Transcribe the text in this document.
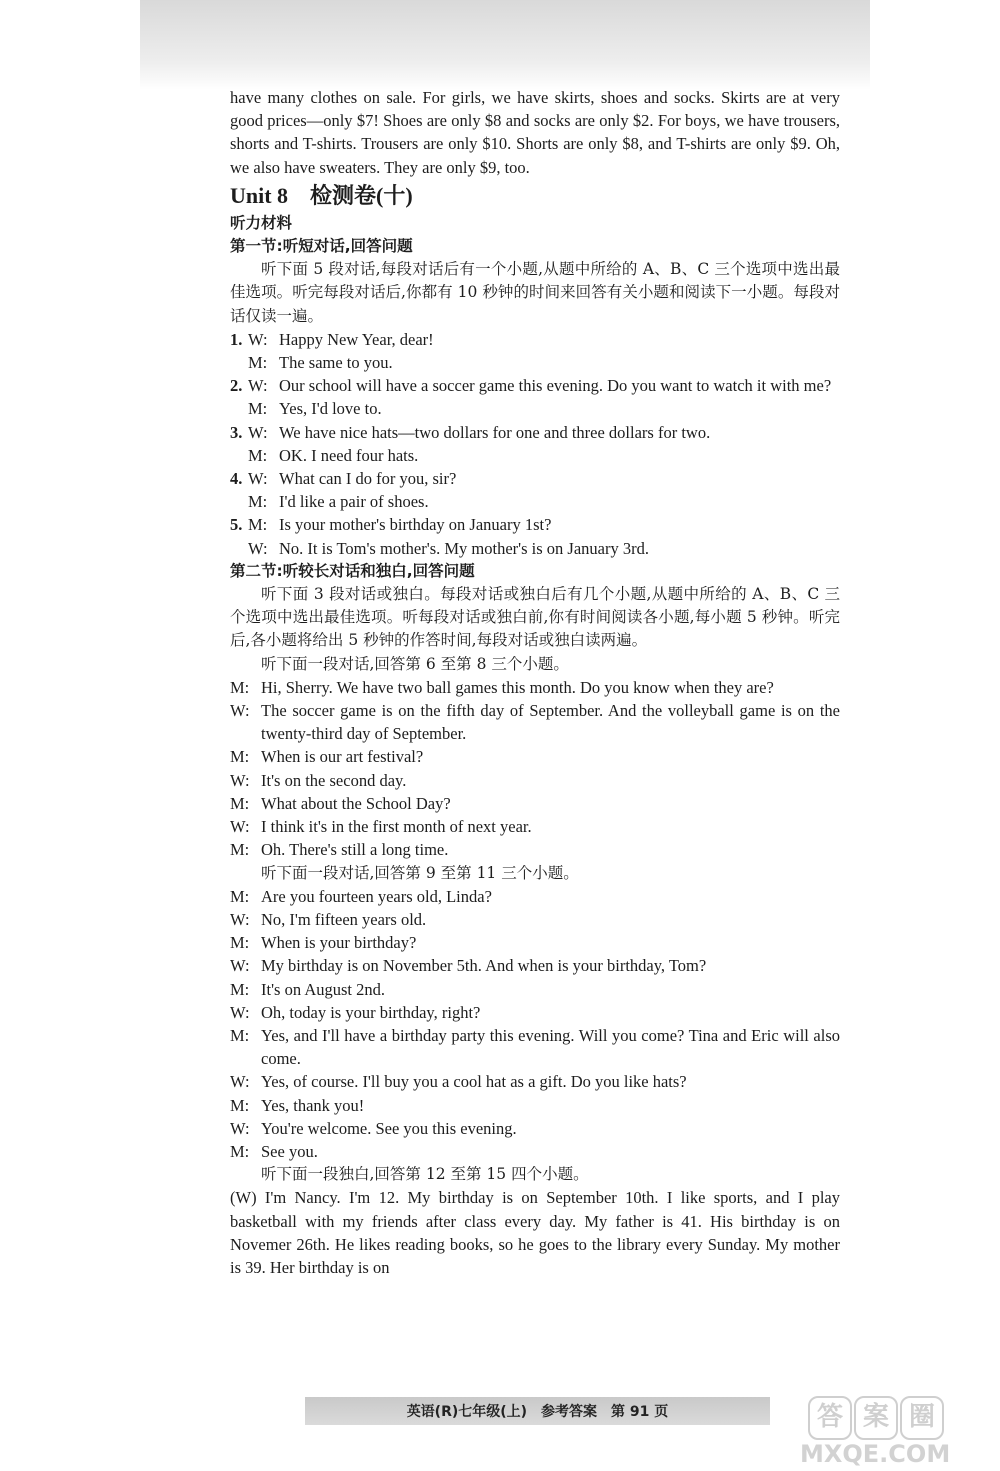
have many clothes on sale. For girls, we have skirts, shoes and socks. Skirts are at very good prices—only $7! Shoes are only $8 and socks are only $2. For boys, we have trousers, shorts and T-shirts. Trousers are only $10. Shorts are only $8, and T-shirts are only $9. Oh, we also have sweaters. They are only $9, too.

Unit 8　检测卷(十)
听力材料
第一节:听短对话,回答问题

听下面 5 段对话,每段对话后有一个小题,从题中所给的 A、B、C 三个选项中选出最佳选项。听完每段对话后,你都有 10 秒钟的时间来回答有关小题和阅读下一小题。每段对话仅读一遍。

1. W: Happy New Year, dear!
M: The same to you.
2. W: Our school will have a soccer game this evening. Do you want to watch it with me?
M: Yes, I'd love to.
3. W: We have nice hats—two dollars for one and three dollars for two.
M: OK. I need four hats.
4. W: What can I do for you, sir?
M: I'd like a pair of shoes.
5. M: Is your mother's birthday on January 1st?
W: No. It is Tom's mother's. My mother's is on January 3rd.
第二节:听较长对话和独白,回答问题

听下面 3 段对话或独白。每段对话或独白后有几个小题,从题中所给的 A、B、C 三个选项中选出最佳选项。听每段对话或独白前,你有时间阅读各小题,每小题 5 秒钟。听完后,各小题将给出 5 秒钟的作答时间,每段对话或独白读两遍。

听下面一段对话,回答第 6 至第 8 三个小题。

M: Hi, Sherry. We have two ball games this month. Do you know when they are?
W: The soccer game is on the fifth day of September. And the volleyball game is on the twenty-third day of September.
M: When is our art festival?
W: It's on the second day.
M: What about the School Day?
W: I think it's in the first month of next year.
M: Oh. There's still a long time.

听下面一段对话,回答第 9 至第 11 三个小题。

M: Are you fourteen years old, Linda?
W: No, I'm fifteen years old.
M: When is your birthday?
W: My birthday is on November 5th. And when is your birthday, Tom?
M: It's on August 2nd.
W: Oh, today is your birthday, right?
M: Yes, and I'll have a birthday party this evening. Will you come? Tina and Eric will also come.
W: Yes, of course. I'll buy you a cool hat as a gift. Do you like hats?
M: Yes, thank you!
W: You're welcome. See you this evening.
M: See you.

听下面一段独白,回答第 12 至第 15 四个小题。

(W) I'm Nancy. I'm 12. My birthday is on September 10th. I like sports, and I play basketball with my friends after class every day. My father is 41. His birthday is on Novemer 26th. He likes reading books, so he goes to the library every Sunday. My mother is 39. Her birthday is on

英语(R)七年级(上)　参考答案　第 91 页	答 案 圈
MXQE.COM
